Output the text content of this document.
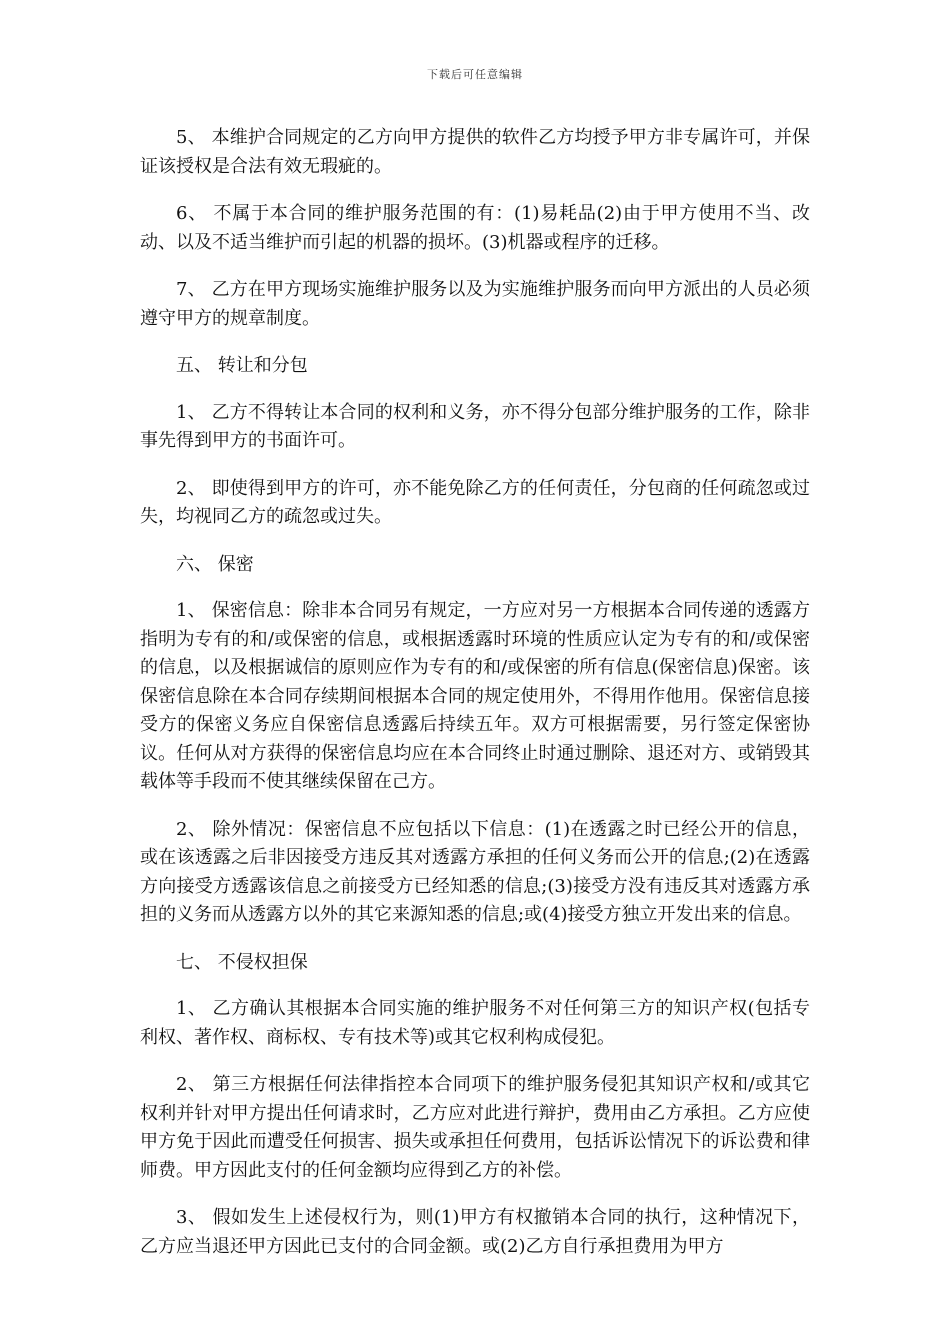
下载后可任意编辑

5、 本维护合同规定的乙方向甲方提供的软件乙方均授予甲方非专属许可，并保证该授权是合法有效无瑕疵的。

6、 不属于本合同的维护服务范围的有：(1)易耗品(2)由于甲方使用不当、改动、以及不适当维护而引起的机器的损坏。(3)机器或程序的迁移。

7、 乙方在甲方现场实施维护服务以及为实施维护服务而向甲方派出的人员必须遵守甲方的规章制度。

五、 转让和分包

1、 乙方不得转让本合同的权利和义务，亦不得分包部分维护服务的工作，除非事先得到甲方的书面许可。

2、 即使得到甲方的许可，亦不能免除乙方的任何责任，分包商的任何疏忽或过失，均视同乙方的疏忽或过失。

六、 保密

1、 保密信息：除非本合同另有规定，一方应对另一方根据本合同传递的透露方指明为专有的和/或保密的信息，或根据透露时环境的性质应认定为专有的和/或保密的信息，以及根据诚信的原则应作为专有的和/或保密的所有信息(保密信息)保密。该保密信息除在本合同存续期间根据本合同的规定使用外，不得用作他用。保密信息接受方的保密义务应自保密信息透露后持续五年。双方可根据需要，另行签定保密协议。任何从对方获得的保密信息均应在本合同终止时通过删除、退还对方、或销毁其载体等手段而不使其继续保留在己方。

2、 除外情况：保密信息不应包括以下信息：(1)在透露之时已经公开的信息，或在该透露之后非因接受方违反其对透露方承担的任何义务而公开的信息;(2)在透露方向接受方透露该信息之前接受方已经知悉的信息;(3)接受方没有违反其对透露方承担的义务而从透露方以外的其它来源知悉的信息;或(4)接受方独立开发出来的信息。

七、 不侵权担保

1、 乙方确认其根据本合同实施的维护服务不对任何第三方的知识产权(包括专利权、著作权、商标权、专有技术等)或其它权利构成侵犯。

2、 第三方根据任何法律指控本合同项下的维护服务侵犯其知识产权和/或其它权利并针对甲方提出任何请求时，乙方应对此进行辩护，费用由乙方承担。乙方应使甲方免于因此而遭受任何损害、损失或承担任何费用，包括诉讼情况下的诉讼费和律师费。甲方因此支付的任何金额均应得到乙方的补偿。

3、 假如发生上述侵权行为，则(1)甲方有权撤销本合同的执行，这种情况下，乙方应当退还甲方因此已支付的合同金额。或(2)乙方自行承担费用为甲方
